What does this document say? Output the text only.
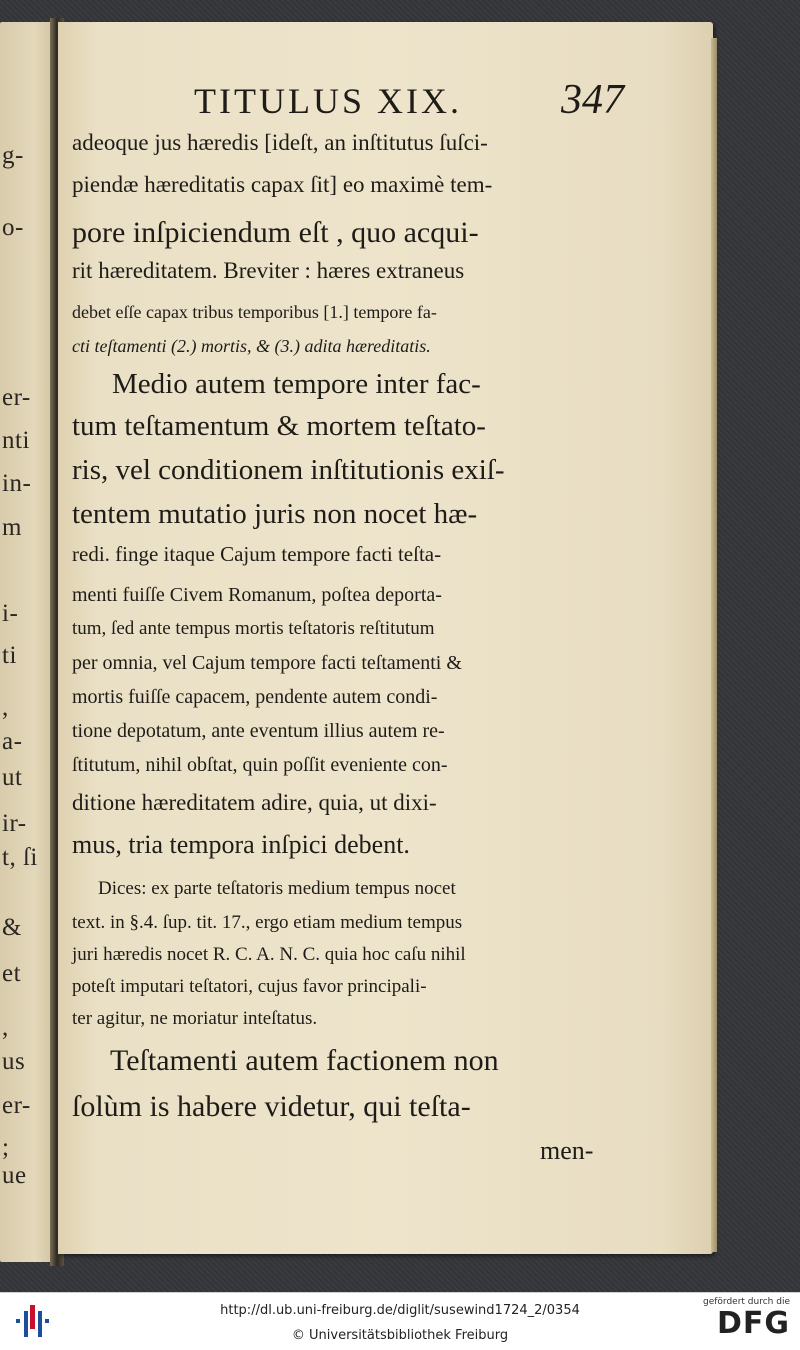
g-
o-
er-
nti
in-
m
i-
ti
,
a-
ut
ir-
t, ſi
&
et
,
us
er-
;
ue
TITULUS XIX. 347
adeoque jus hæredis [ideſt, an inſtitutus ſuſci-
piendæ hæreditatis capax ſit] eo maximè tem-
pore inſpiciendum eſt , quo acqui-
rit hæreditatem. Breviter : hæres extraneus
debet eſſe capax tribus temporibus [1.] tempore fa-
cti teſtamenti (2.) mortis, & (3.) adita hæreditatis.
Medio autem tempore inter fac-
tum teſtamentum & mortem teſtato-
ris, vel conditionem inſtitutionis exiſ-
tentem mutatio juris non nocet hæ-
redi. finge itaque Cajum tempore facti teſta-
menti fuiſſe Civem Romanum, poſtea deporta-
tum, ſed ante tempus mortis teſtatoris reſtitutum
per omnia, vel Cajum tempore facti teſtamenti &
mortis fuiſſe capacem, pendente autem condi-
tione depotatum, ante eventum illius autem re-
ſtitutum, nihil obſtat, quin poſſit eveniente con-
ditione hæreditatem adire, quia, ut dixi-
mus, tria tempora inſpici debent.
Dices: ex parte teſtatoris medium tempus nocet
text. in §.4. ſup. tit. 17., ergo etiam medium tempus
juri hæredis nocet R. C. A. N. C. quia hoc caſu nihil
poteſt imputari teſtatori, cujus favor principali-
ter agitur, ne moriatur inteſtatus.
Teſtamenti autem factionem non
ſolùm is habere videtur, qui teſta-
men-
http://dl.ub.uni-freiburg.de/diglit/susewind1724_2/0354
© Universitätsbibliothek Freiburg
gefördert durch die
DFG
